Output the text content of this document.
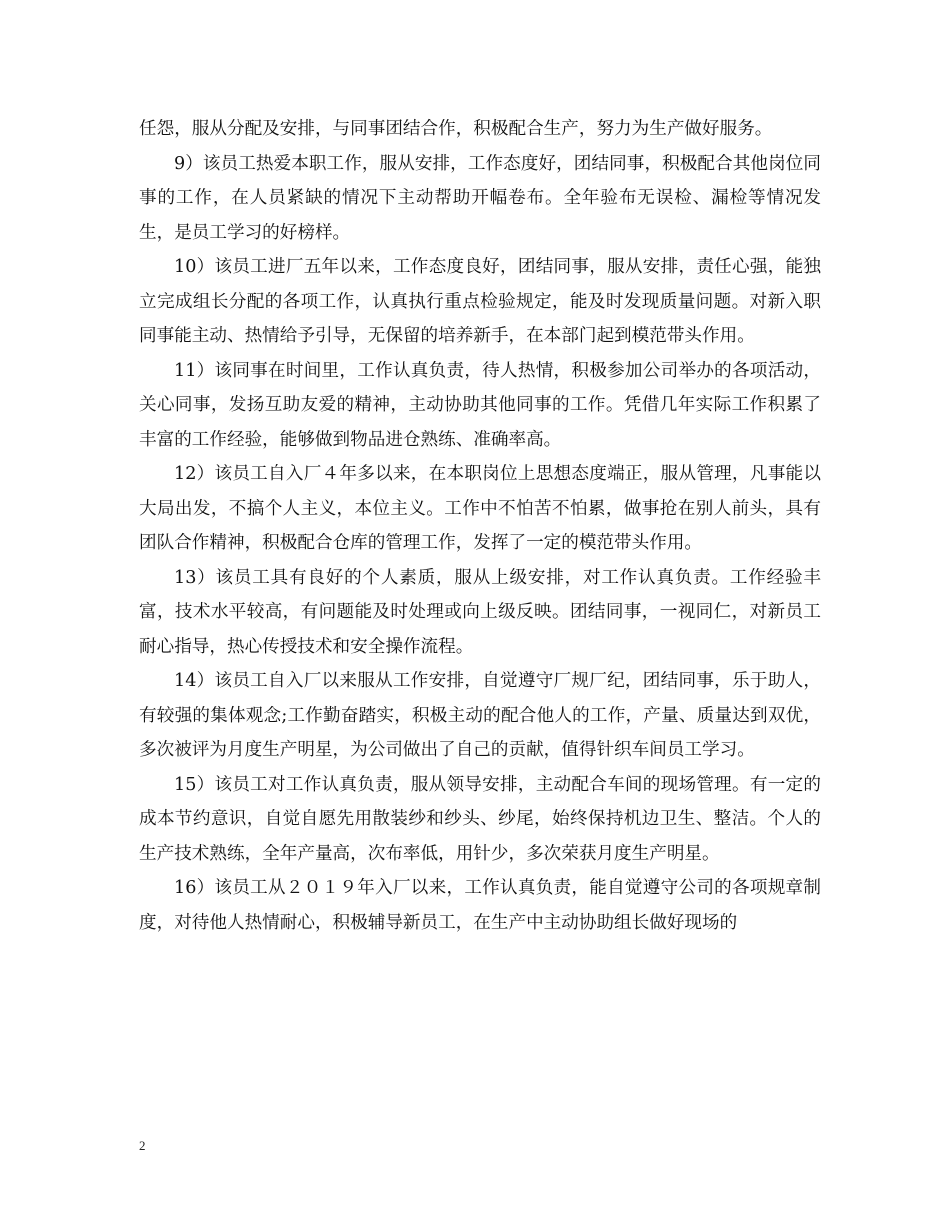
任怨，服从分配及安排，与同事团结合作，积极配合生产，努力为生产做好服务。

9）该员工热爱本职工作，服从安排，工作态度好，团结同事，积极配合其他岗位同事的工作，在人员紧缺的情况下主动帮助开幅卷布。全年验布无误检、漏检等情况发生，是员工学习的好榜样。

10）该员工进厂五年以来，工作态度良好，团结同事，服从安排，责任心强，能独立完成组长分配的各项工作，认真执行重点检验规定，能及时发现质量问题。对新入职同事能主动、热情给予引导，无保留的培养新手，在本部门起到模范带头作用。

11）该同事在时间里，工作认真负责，待人热情，积极参加公司举办的各项活动，关心同事，发扬互助友爱的精神，主动协助其他同事的工作。凭借几年实际工作积累了丰富的工作经验，能够做到物品进仓熟练、准确率高。

12）该员工自入厂４年多以来，在本职岗位上思想态度端正，服从管理，凡事能以大局出发，不搞个人主义，本位主义。工作中不怕苦不怕累，做事抢在别人前头，具有团队合作精神，积极配合仓库的管理工作，发挥了一定的模范带头作用。

13）该员工具有良好的个人素质，服从上级安排，对工作认真负责。工作经验丰富，技术水平较高，有问题能及时处理或向上级反映。团结同事，一视同仁，对新员工耐心指导，热心传授技术和安全操作流程。

14）该员工自入厂以来服从工作安排，自觉遵守厂规厂纪，团结同事，乐于助人，有较强的集体观念;工作勤奋踏实，积极主动的配合他人的工作，产量、质量达到双优，多次被评为月度生产明星，为公司做出了自己的贡献，值得针织车间员工学习。

15）该员工对工作认真负责，服从领导安排，主动配合车间的现场管理。有一定的成本节约意识，自觉自愿先用散装纱和纱头、纱尾，始终保持机边卫生、整洁。个人的生产技术熟练，全年产量高，次布率低，用针少，多次荣获月度生产明星。

16）该员工从２０１９年入厂以来，工作认真负责，能自觉遵守公司的各项规章制度，对待他人热情耐心，积极辅导新员工，在生产中主动协助组长做好现场的

2
